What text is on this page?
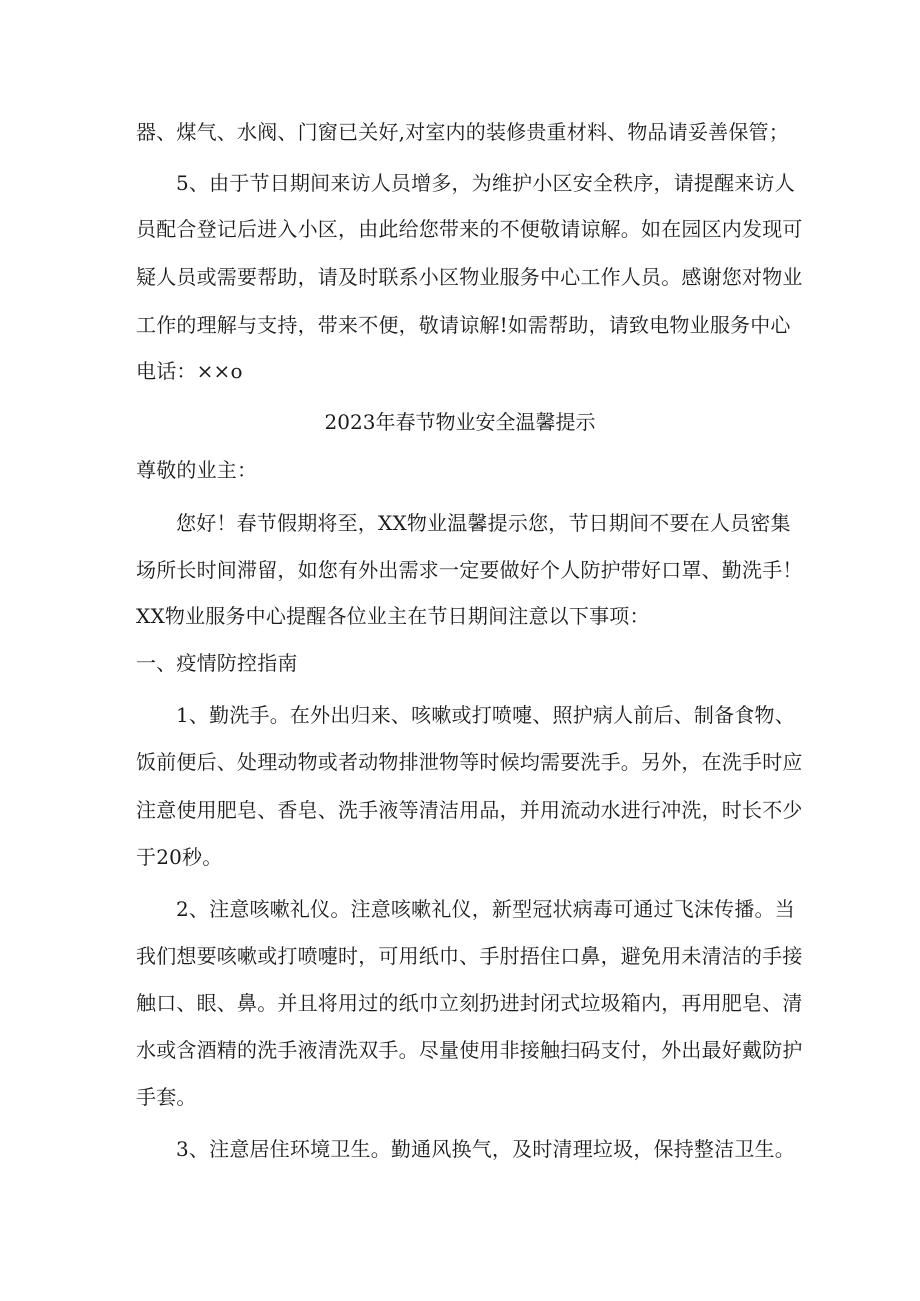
器、煤气、水阀、门窗已关好,对室内的装修贵重材料、物品请妥善保管；
5、由于节日期间来访人员增多，为维护小区安全秩序，请提醒来访人
员配合登记后进入小区，由此给您带来的不便敬请谅解。如在园区内发现可
疑人员或需要帮助，请及时联系小区物业服务中心工作人员。感谢您对物业
工作的理解与支持，带来不便，敬请谅解!如需帮助，请致电物业服务中心
电话：××o
2023年春节物业安全温馨提示
尊敬的业主：
您好！春节假期将至，XX物业温馨提示您，节日期间不要在人员密集
场所长时间滞留，如您有外出需求一定要做好个人防护带好口罩、勤洗手！
XX物业服务中心提醒各位业主在节日期间注意以下事项：
一、疫情防控指南
1、勤洗手。在外出归来、咳嗽或打喷嚏、照护病人前后、制备食物、
饭前便后、处理动物或者动物排泄物等时候均需要洗手。另外，在洗手时应
注意使用肥皂、香皂、洗手液等清洁用品，并用流动水进行冲洗，时长不少
于20秒。
2、注意咳嗽礼仪。注意咳嗽礼仪，新型冠状病毒可通过飞沫传播。当
我们想要咳嗽或打喷嚏时，可用纸巾、手肘捂住口鼻，避免用未清洁的手接
触口、眼、鼻。并且将用过的纸巾立刻扔进封闭式垃圾箱内，再用肥皂、清
水或含酒精的洗手液清洗双手。尽量使用非接触扫码支付，外出最好戴防护
手套。
3、注意居住环境卫生。勤通风换气，及时清理垃圾，保持整洁卫生。
